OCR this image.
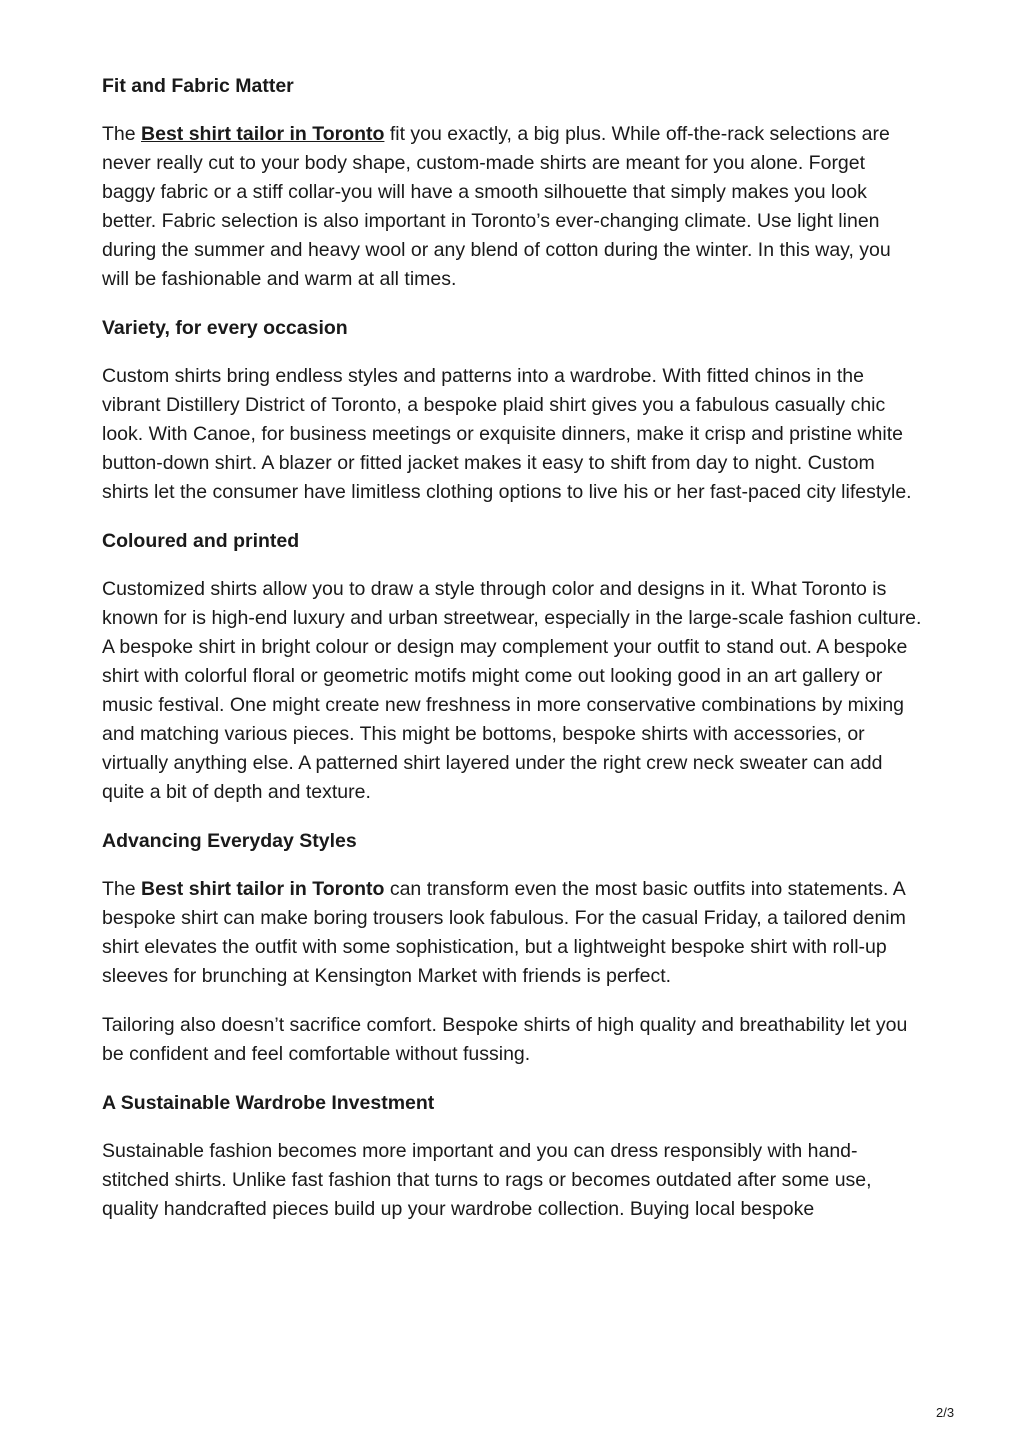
Fit and Fabric Matter

The Best shirt tailor in Toronto fit you exactly, a big plus. While off-the-rack selections are never really cut to your body shape, custom-made shirts are meant for you alone. Forget baggy fabric or a stiff collar-you will have a smooth silhouette that simply makes you look better. Fabric selection is also important in Toronto’s ever-changing climate. Use light linen during the summer and heavy wool or any blend of cotton during the winter. In this way, you will be fashionable and warm at all times.

Variety, for every occasion

Custom shirts bring endless styles and patterns into a wardrobe. With fitted chinos in the vibrant Distillery District of Toronto, a bespoke plaid shirt gives you a fabulous casually chic look. With Canoe, for business meetings or exquisite dinners, make it crisp and pristine white button-down shirt. A blazer or fitted jacket makes it easy to shift from day to night. Custom shirts let the consumer have limitless clothing options to live his or her fast-paced city lifestyle.

Coloured and printed

Customized shirts allow you to draw a style through color and designs in it. What Toronto is known for is high-end luxury and urban streetwear, especially in the large-scale fashion culture. A bespoke shirt in bright colour or design may complement your outfit to stand out. A bespoke shirt with colorful floral or geometric motifs might come out looking good in an art gallery or music festival. One might create new freshness in more conservative combinations by mixing and matching various pieces. This might be bottoms, bespoke shirts with accessories, or virtually anything else. A patterned shirt layered under the right crew neck sweater can add quite a bit of depth and texture.

Advancing Everyday Styles

The Best shirt tailor in Toronto can transform even the most basic outfits into statements. A bespoke shirt can make boring trousers look fabulous. For the casual Friday, a tailored denim shirt elevates the outfit with some sophistication, but a lightweight bespoke shirt with roll-up sleeves for brunching at Kensington Market with friends is perfect.

Tailoring also doesn’t sacrifice comfort. Bespoke shirts of high quality and breathability let you be confident and feel comfortable without fussing.

A Sustainable Wardrobe Investment

Sustainable fashion becomes more important and you can dress responsibly with hand-stitched shirts. Unlike fast fashion that turns to rags or becomes outdated after some use, quality handcrafted pieces build up your wardrobe collection. Buying local bespoke

2/3
